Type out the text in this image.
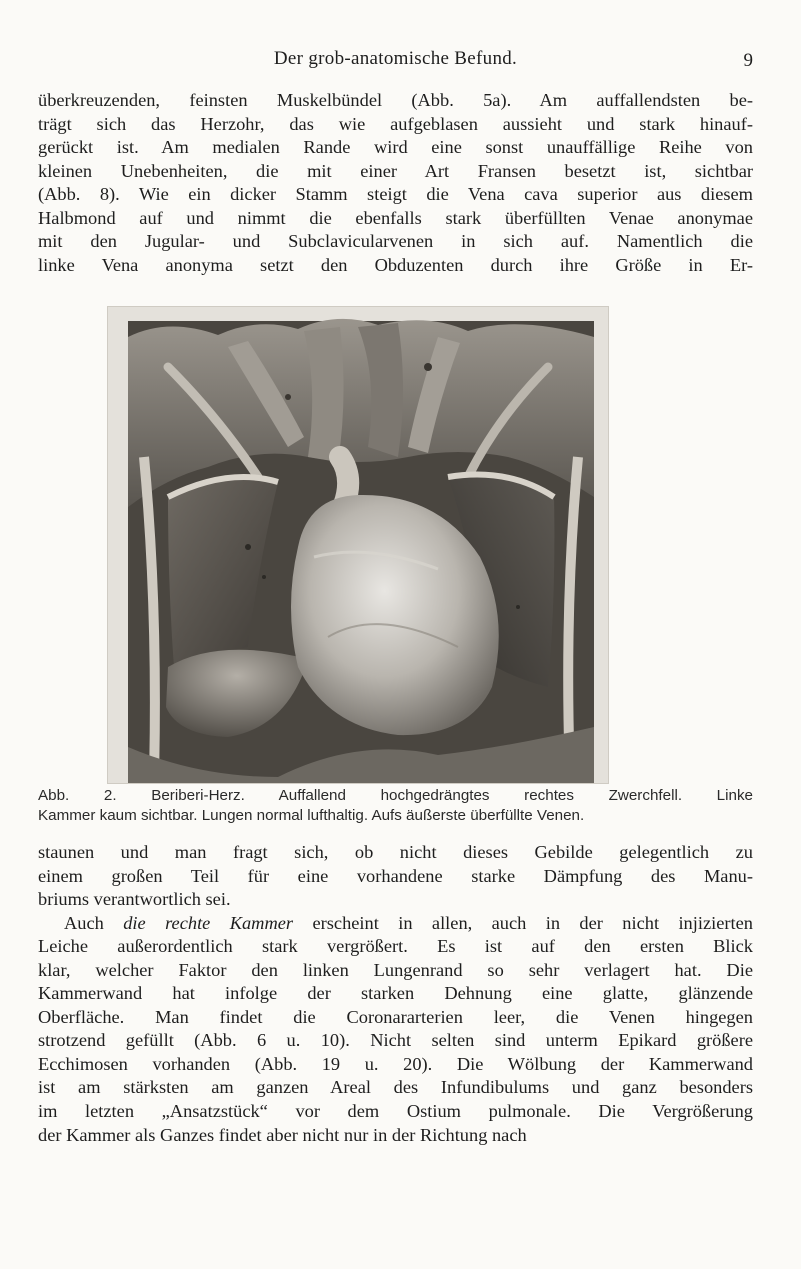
Der grob-anatomische Befund.	9
überkreuzenden, feinsten Muskelbündel (Abb. 5a). Am auffallendsten be-
trägt sich das Herzohr, das wie aufgeblasen aussieht und stark hinauf-
gerückt ist. Am medialen Rande wird eine sonst unauffällige Reihe von
kleinen Unebenheiten, die mit einer Art Fransen besetzt ist, sichtbar
(Abb. 8). Wie ein dicker Stamm steigt die Vena cava superior aus diesem
Halbmond auf und nimmt die ebenfalls stark überfüllten Venae anonymae
mit den Jugular- und Subclavicularvenen in sich auf. Namentlich die
linke Vena anonyma setzt den Obduzenten durch ihre Größe in Er-
Abb. 2. Beriberi-Herz. Auffallend hochgedrängtes rechtes Zwerchfell. Linke
Kammer kaum sichtbar. Lungen normal lufthaltig. Aufs äußerste überfüllte Venen.
staunen und man fragt sich, ob nicht dieses Gebilde gelegentlich zu
einem großen Teil für eine vorhandene starke Dämpfung des Manu-
briums verantwortlich sei.
Auch die rechte Kammer erscheint in allen, auch in der nicht injizierten
Leiche außerordentlich stark vergrößert. Es ist auf den ersten Blick
klar, welcher Faktor den linken Lungenrand so sehr verlagert hat. Die
Kammerwand hat infolge der starken Dehnung eine glatte, glänzende
Oberfläche. Man findet die Coronararterien leer, die Venen hingegen
strotzend gefüllt (Abb. 6 u. 10). Nicht selten sind unterm Epikard größere
Ecchimosen vorhanden (Abb. 19 u. 20). Die Wölbung der Kammerwand
ist am stärksten am ganzen Areal des Infundibulums und ganz besonders
im letzten „Ansatzstück“ vor dem Ostium pulmonale. Die Vergrößerung
der Kammer als Ganzes findet aber nicht nur in der Richtung nach
